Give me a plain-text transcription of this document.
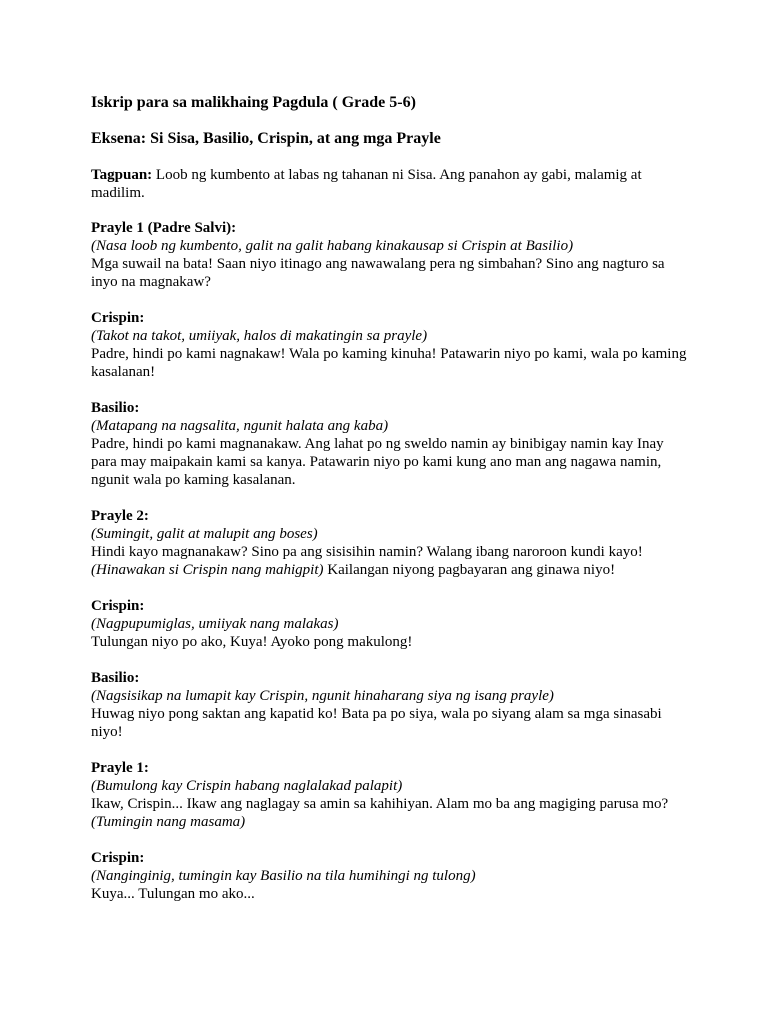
Iskrip para sa malikhaing Pagdula ( Grade 5-6)
Eksena: Si Sisa, Basilio, Crispin, at ang mga Prayle
Tagpuan: Loob ng kumbento at labas ng tahanan ni Sisa. Ang panahon ay gabi, malamig at madilim.
Prayle 1 (Padre Salvi):
(Nasa loob ng kumbento, galit na galit habang kinakausap si Crispin at Basilio)
Mga suwail na bata! Saan niyo itinago ang nawawalang pera ng simbahan? Sino ang nagturo sa inyo na magnakaw?
Crispin:
(Takot na takot, umiiyak, halos di makatingin sa prayle)
Padre, hindi po kami nagnakaw! Wala po kaming kinuha! Patawarin niyo po kami, wala po kaming kasalanan!
Basilio:
(Matapang na nagsalita, ngunit halata ang kaba)
Padre, hindi po kami magnanakaw. Ang lahat po ng sweldo namin ay binibigay namin kay Inay para may maipakain kami sa kanya. Patawarin niyo po kami kung ano man ang nagawa namin, ngunit wala po kaming kasalanan.
Prayle 2:
(Sumingit, galit at malupit ang boses)
Hindi kayo magnanakaw? Sino pa ang sisisihin namin? Walang ibang naroroon kundi kayo!
(Hinawakan si Crispin nang mahigpit) Kailangan niyong pagbayaran ang ginawa niyo!
Crispin:
(Nagpupumiglas, umiiyak nang malakas)
Tulungan niyo po ako, Kuya! Ayoko pong makulong!
Basilio:
(Nagsisikap na lumapit kay Crispin, ngunit hinaharang siya ng isang prayle)
Huwag niyo pong saktan ang kapatid ko! Bata pa po siya, wala po siyang alam sa mga sinasabi niyo!
Prayle 1:
(Bumulong kay Crispin habang naglalakad palapit)
Ikaw, Crispin... Ikaw ang naglagay sa amin sa kahihiyan. Alam mo ba ang magiging parusa mo?
(Tumingin nang masama)
Crispin:
(Nanginginig, tumingin kay Basilio na tila humihingi ng tulong)
Kuya... Tulungan mo ako...
